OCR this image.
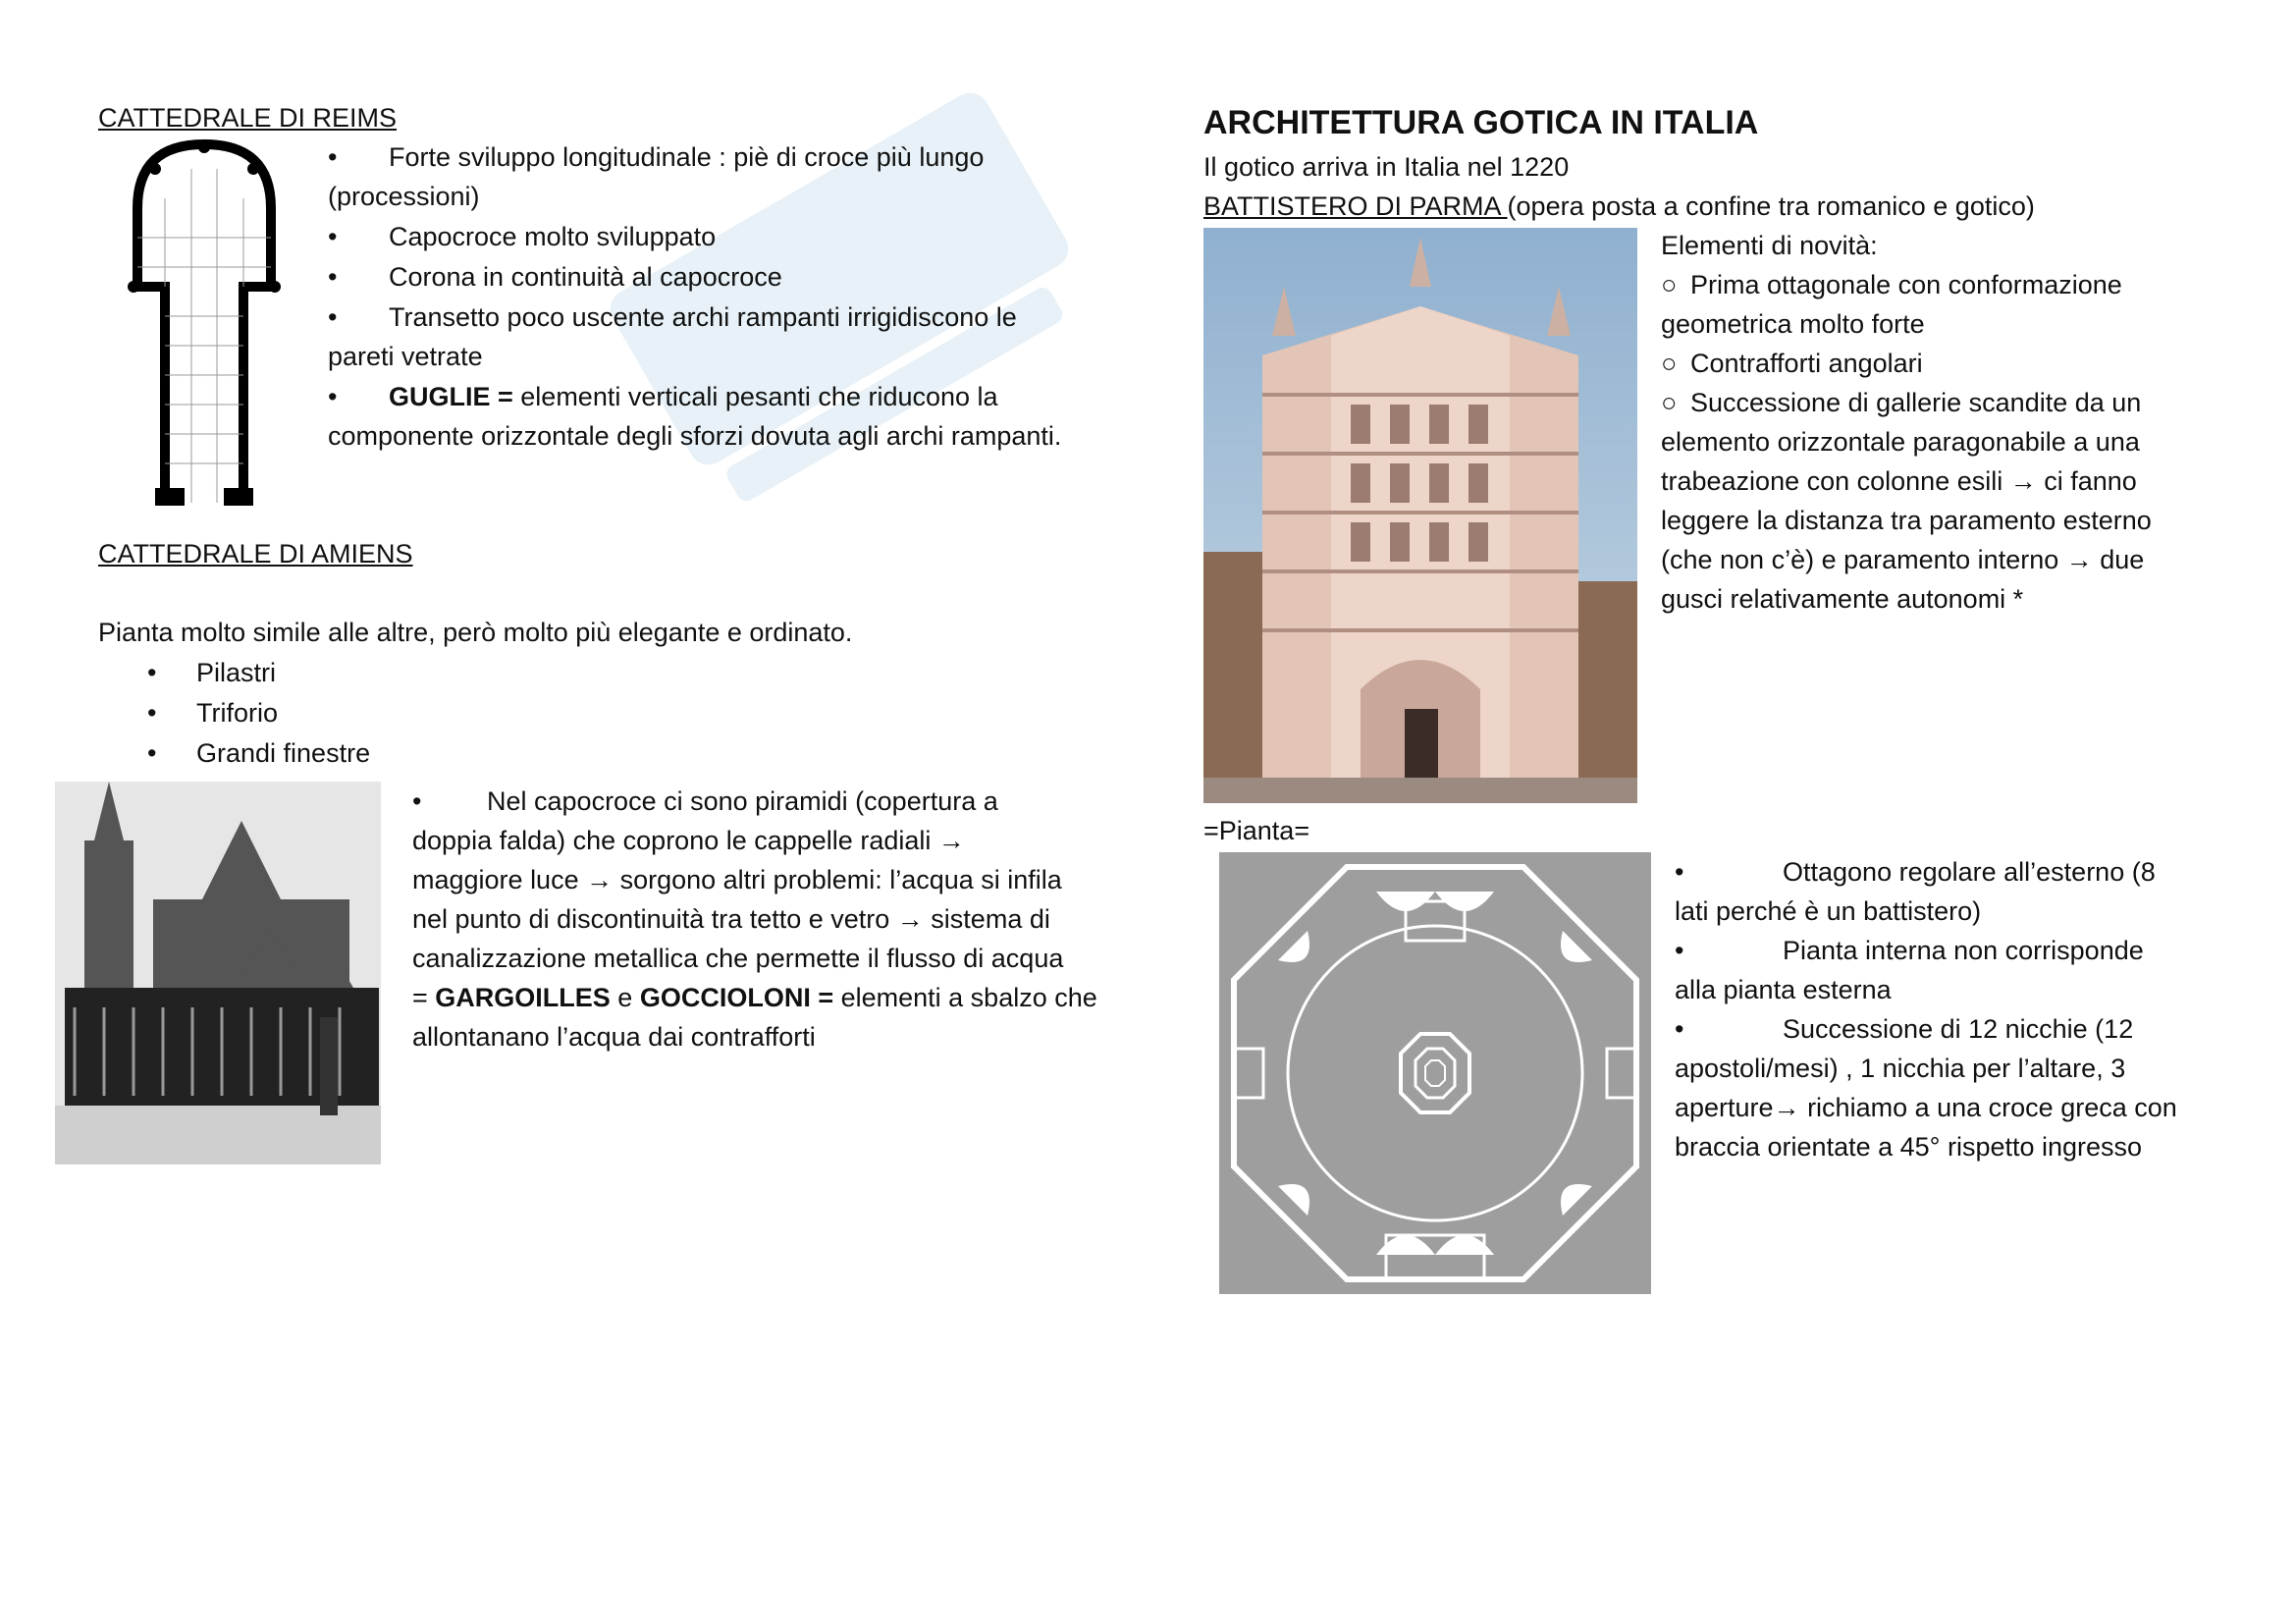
CATTEDRALE DI REIMS
• Forte sviluppo longitudinale : piè di croce più lungo
(processioni)
• Capocroce molto sviluppato
• Corona in continuità al capocroce
• Transetto poco uscente archi rampanti irrigidiscono le
pareti vetrate
• GUGLIE = elementi verticali pesanti che riducono la
componente orizzontale degli sforzi dovuta agli archi rampanti.
CATTEDRALE DI AMIENS
Pianta molto simile alle altre, però molto più elegante e ordinato.
• Pilastri
• Triforio
• Grandi finestre
• Nel capocroce ci sono piramidi (copertura a
doppia falda) che coprono le cappelle radiali →
maggiore luce → sorgono altri problemi: l’acqua si infila
nel punto di discontinuità tra tetto e vetro → sistema di
canalizzazione metallica che permette il flusso di acqua
= GARGOILLES e GOCCIOLONI = elementi a sbalzo che
allontanano l’acqua dai contrafforti
ARCHITETTURA GOTICA IN ITALIA
Il gotico arriva in Italia nel 1220
BATTISTERO DI PARMA (opera posta a confine tra romanico e gotico)
Elementi di novità:
○ Prima ottagonale con conformazione
geometrica molto forte
○ Contrafforti angolari
○ Successione di gallerie scandite da un
elemento orizzontale paragonabile a una
trabeazione con colonne esili → ci fanno
leggere la distanza tra paramento esterno
(che non c’è) e paramento interno → due
gusci relativamente autonomi *
=Pianta=
•	Ottagono regolare all’esterno (8
lati perché è un battistero)
•	Pianta interna non corrisponde
alla pianta esterna
•	Successione di 12 nicchie (12
apostoli/mesi) , 1 nicchia per l’altare, 3
aperture→ richiamo a una croce greca con
braccia orientate a 45° rispetto ingresso
